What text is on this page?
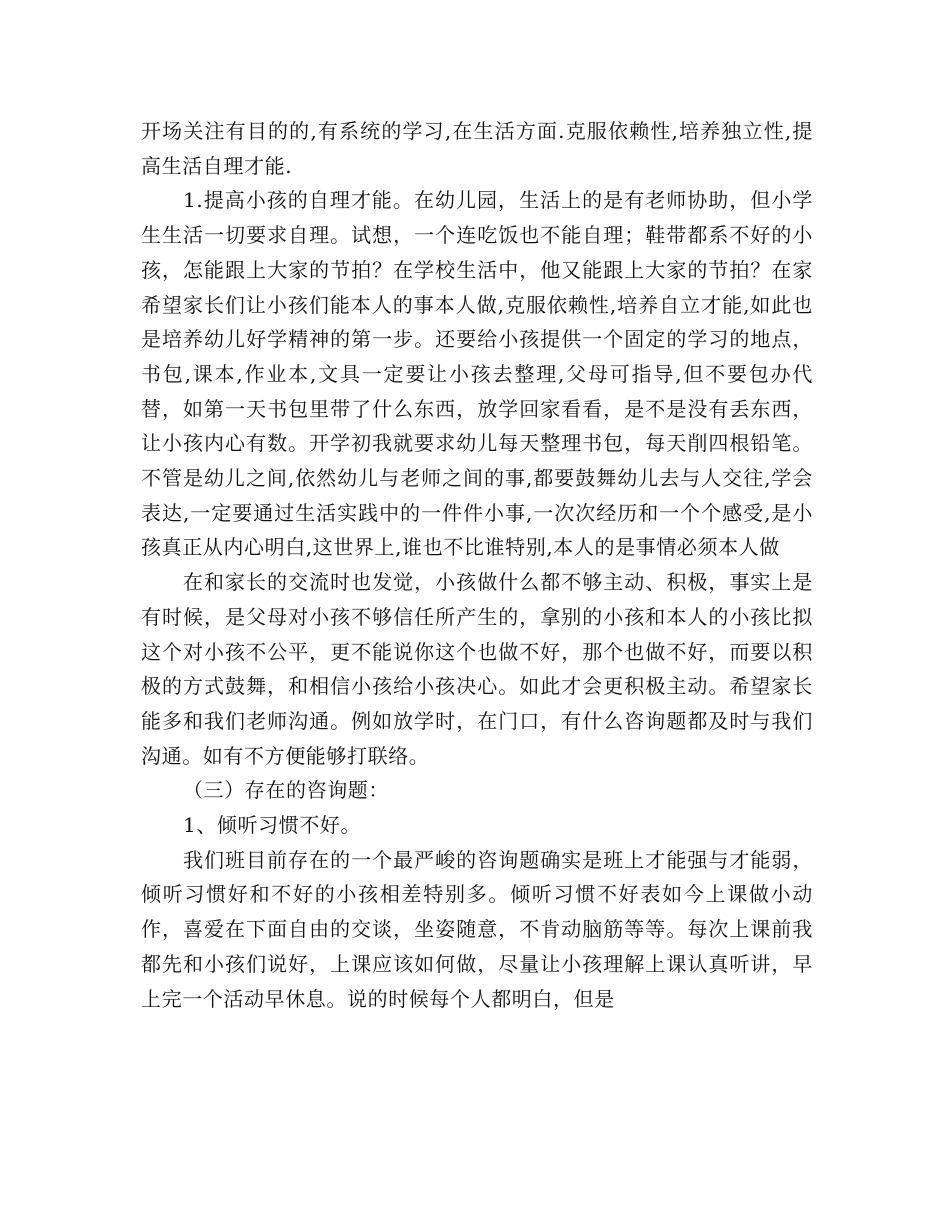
开场关注有目的的,有系统的学习,在生活方面.克服依赖性,培养独立性,提高生活自理才能.

1.提高小孩的自理才能。在幼儿园，生活上的是有老师协助，但小学生生活一切要求自理。试想，一个连吃饭也不能自理；鞋带都系不好的小孩，怎能跟上大家的节拍？在学校生活中，他又能跟上大家的节拍？在家希望家长们让小孩们能本人的事本人做,克服依赖性,培养自立才能,如此也是培养幼儿好学精神的第一步。还要给小孩提供一个固定的学习的地点，书包,课本,作业本,文具一定要让小孩去整理,父母可指导,但不要包办代替，如第一天书包里带了什么东西，放学回家看看，是不是没有丢东西，让小孩内心有数。开学初我就要求幼儿每天整理书包，每天削四根铅笔。不管是幼儿之间,依然幼儿与老师之间的事,都要鼓舞幼儿去与人交往,学会表达,一定要通过生活实践中的一件件小事,一次次经历和一个个感受,是小孩真正从内心明白,这世界上,谁也不比谁特别,本人的是事情必须本人做

在和家长的交流时也发觉，小孩做什么都不够主动、积极，事实上是有时候，是父母对小孩不够信任所产生的，拿别的小孩和本人的小孩比拟这个对小孩不公平，更不能说你这个也做不好，那个也做不好，而要以积极的方式鼓舞，和相信小孩给小孩决心。如此才会更积极主动。希望家长能多和我们老师沟通。例如放学时，在门口，有什么咨询题都及时与我们沟通。如有不方便能够打联络。

（三）存在的咨询题：

1、倾听习惯不好。

我们班目前存在的一个最严峻的咨询题确实是班上才能强与才能弱，倾听习惯好和不好的小孩相差特别多。倾听习惯不好表如今上课做小动作，喜爱在下面自由的交谈，坐姿随意，不肯动脑筋等等。每次上课前我都先和小孩们说好，上课应该如何做，尽量让小孩理解上课认真听讲，早上完一个活动早休息。说的时候每个人都明白，但是
